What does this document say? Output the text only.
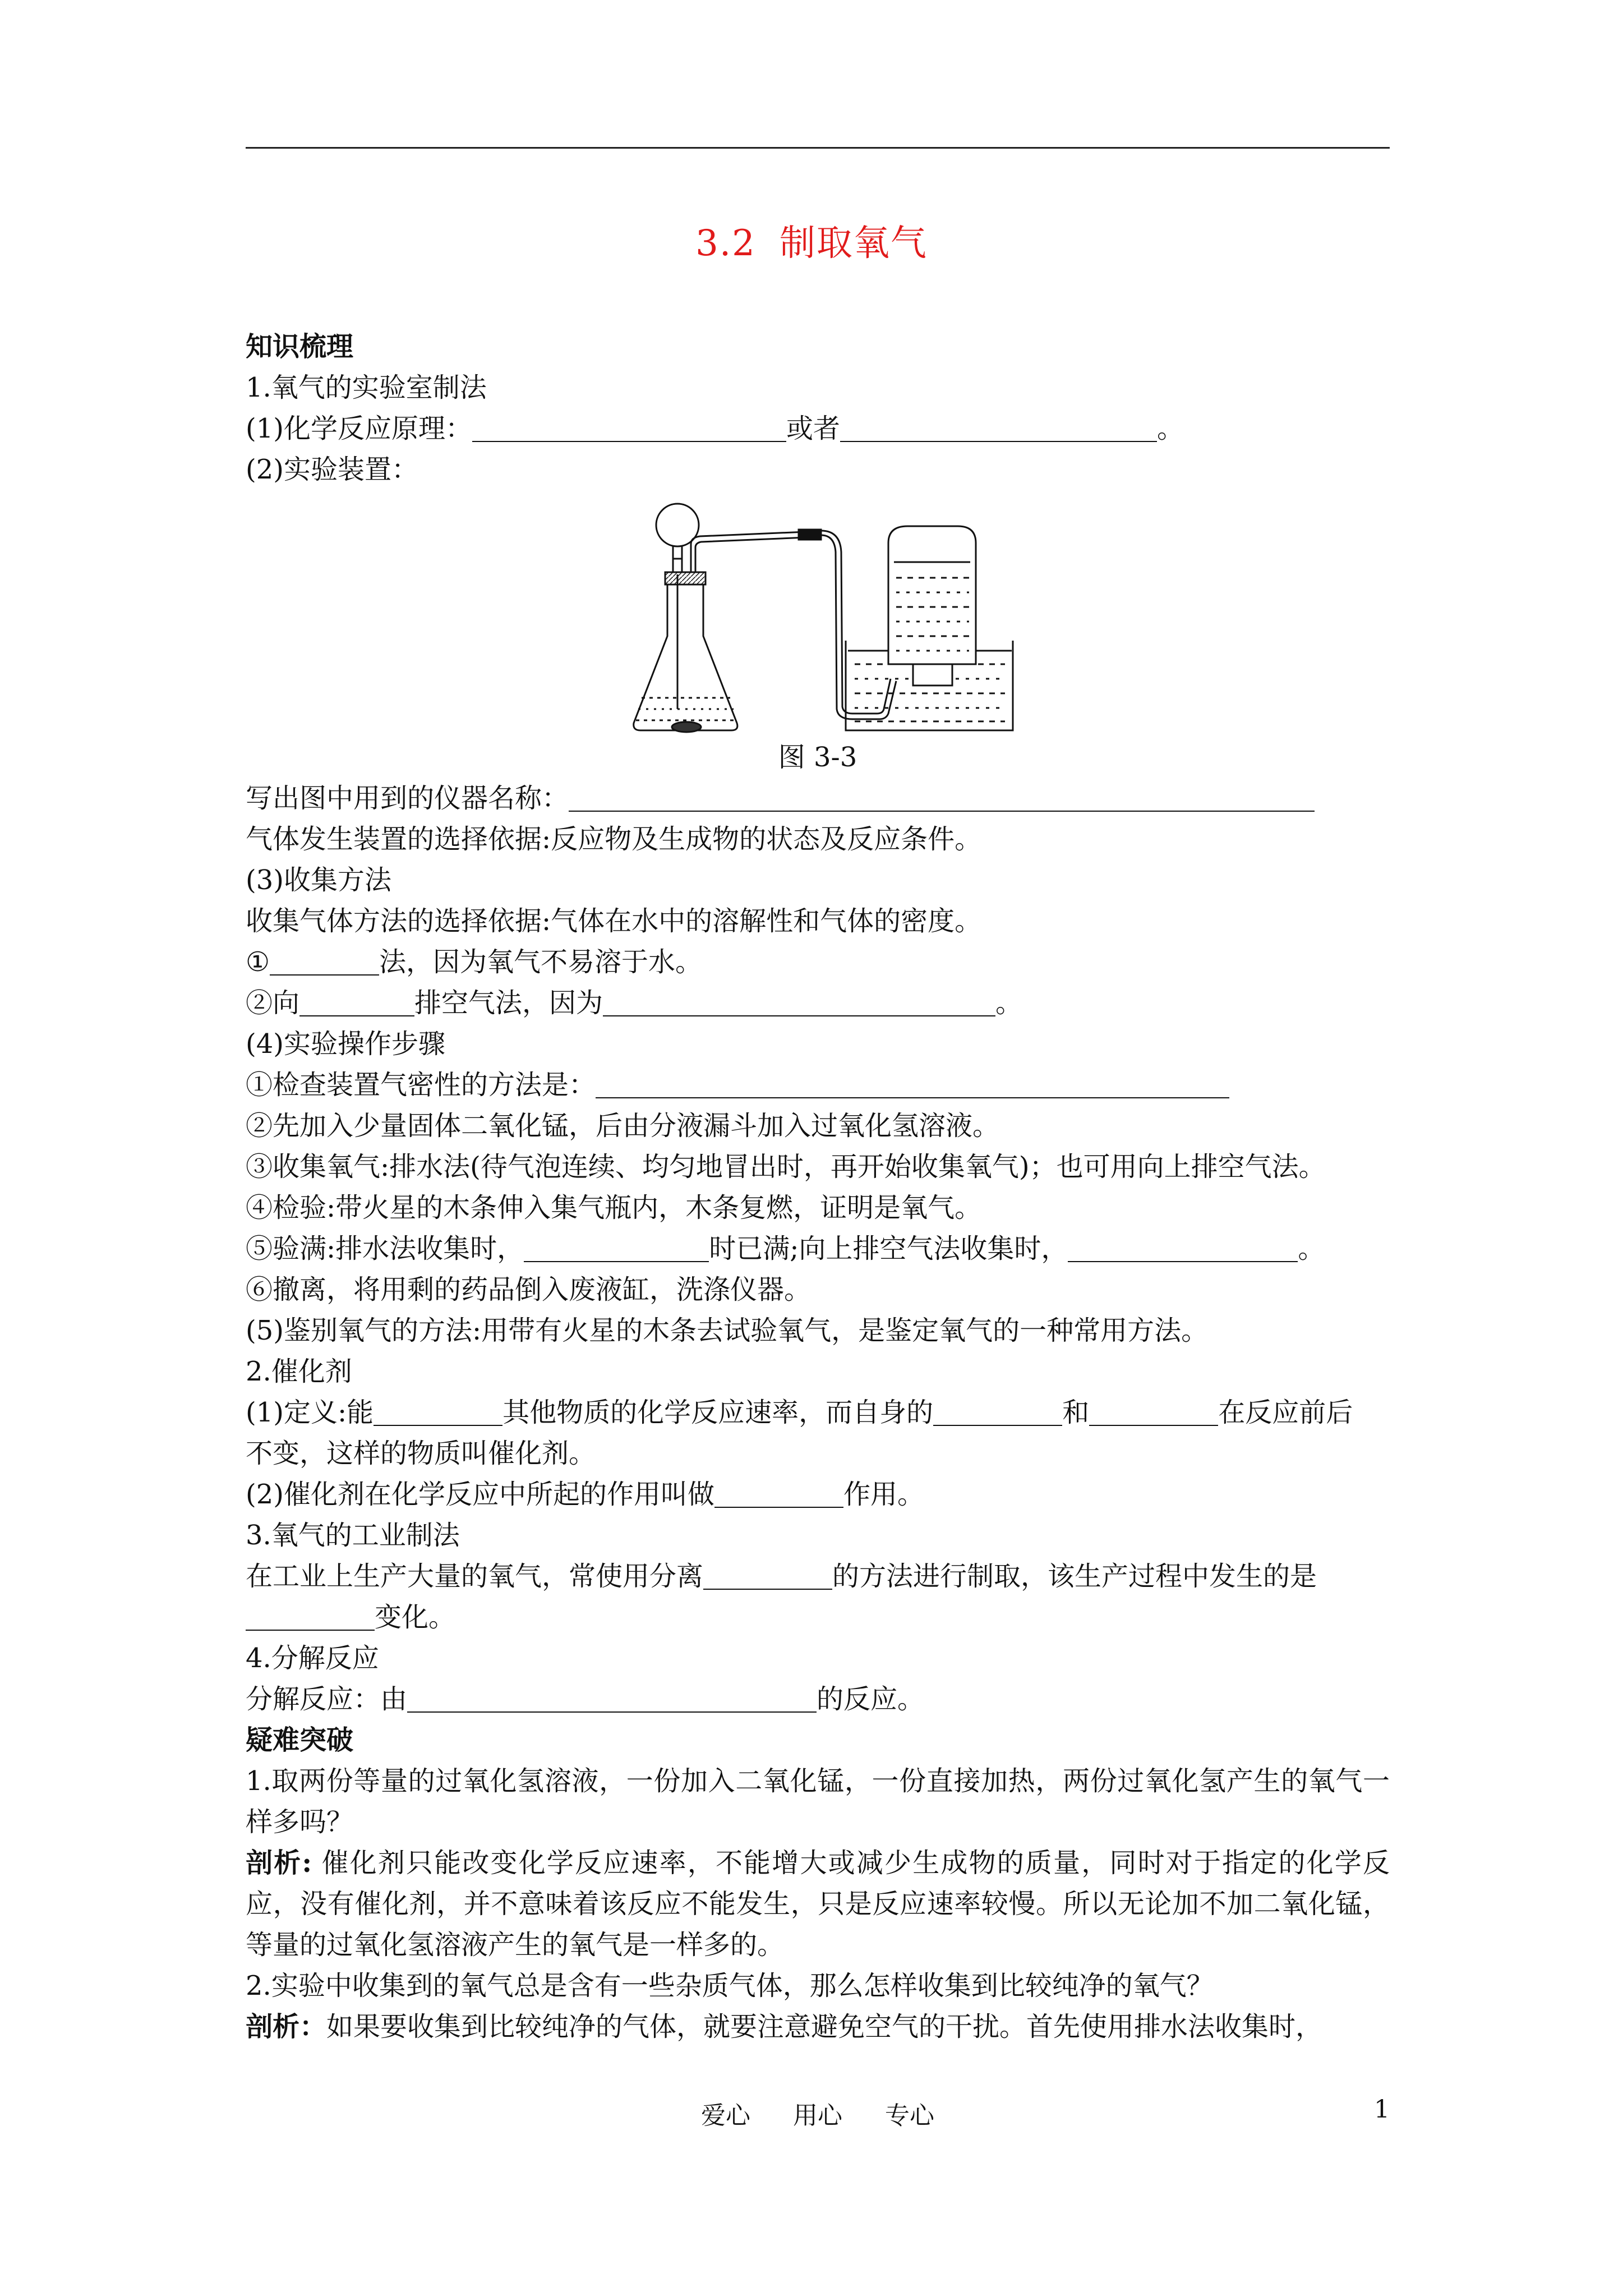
3.2 制取氧气
知识梳理
1.氧气的实验室制法
(1)化学反应原理：	或者	。
(2)实验装置：
图 3-3
写出图中用到的仪器名称：
气体发生装置的选择依据:反应物及生成物的状态及反应条件。
(3)收集方法
收集气体方法的选择依据:气体在水中的溶解性和气体的密度。
①	法，因为氧气不易溶于水。
②向	排空气法，因为	。
(4)实验操作步骤
①检查装置气密性的方法是：
②先加入少量固体二氧化锰，后由分液漏斗加入过氧化氢溶液。
③收集氧气:排水法(待气泡连续、均匀地冒出时，再开始收集氧气)；也可用向上排空气法。
④检验:带火星的木条伸入集气瓶内，木条复燃，证明是氧气。
⑤验满:排水法收集时，	时已满;向上排空气法收集时，	。
⑥撤离，将用剩的药品倒入废液缸，洗涤仪器。
(5)鉴别氧气的方法:用带有火星的木条去试验氧气，是鉴定氧气的一种常用方法。
2.催化剂
(1)定义:能	其他物质的化学反应速率，而自身的	和	在反应前后
不变，这样的物质叫催化剂。
(2)催化剂在化学反应中所起的作用叫做	作用。
3.氧气的工业制法
在工业上生产大量的氧气，常使用分离	的方法进行制取，该生产过程中发生的是
变化。
4.分解反应
分解反应：由	的反应。
疑难突破
1.取两份等量的过氧化氢溶液，一份加入二氧化锰，一份直接加热，两份过氧化氢产生的氧气一样多吗？
剖析: 催化剂只能改变化学反应速率，不能增大或减少生成物的质量，同时对于指定的化学反应，没有催化剂，并不意味着该反应不能发生，只是反应速率较慢。所以无论加不加二氧化锰，等量的过氧化氢溶液产生的氧气是一样多的。
2.实验中收集到的氧气总是含有一些杂质气体，那么怎样收集到比较纯净的氧气？
剖析：如果要收集到比较纯净的气体，就要注意避免空气的干扰。首先使用排水法收集时，
爱心 用心 专心	1
